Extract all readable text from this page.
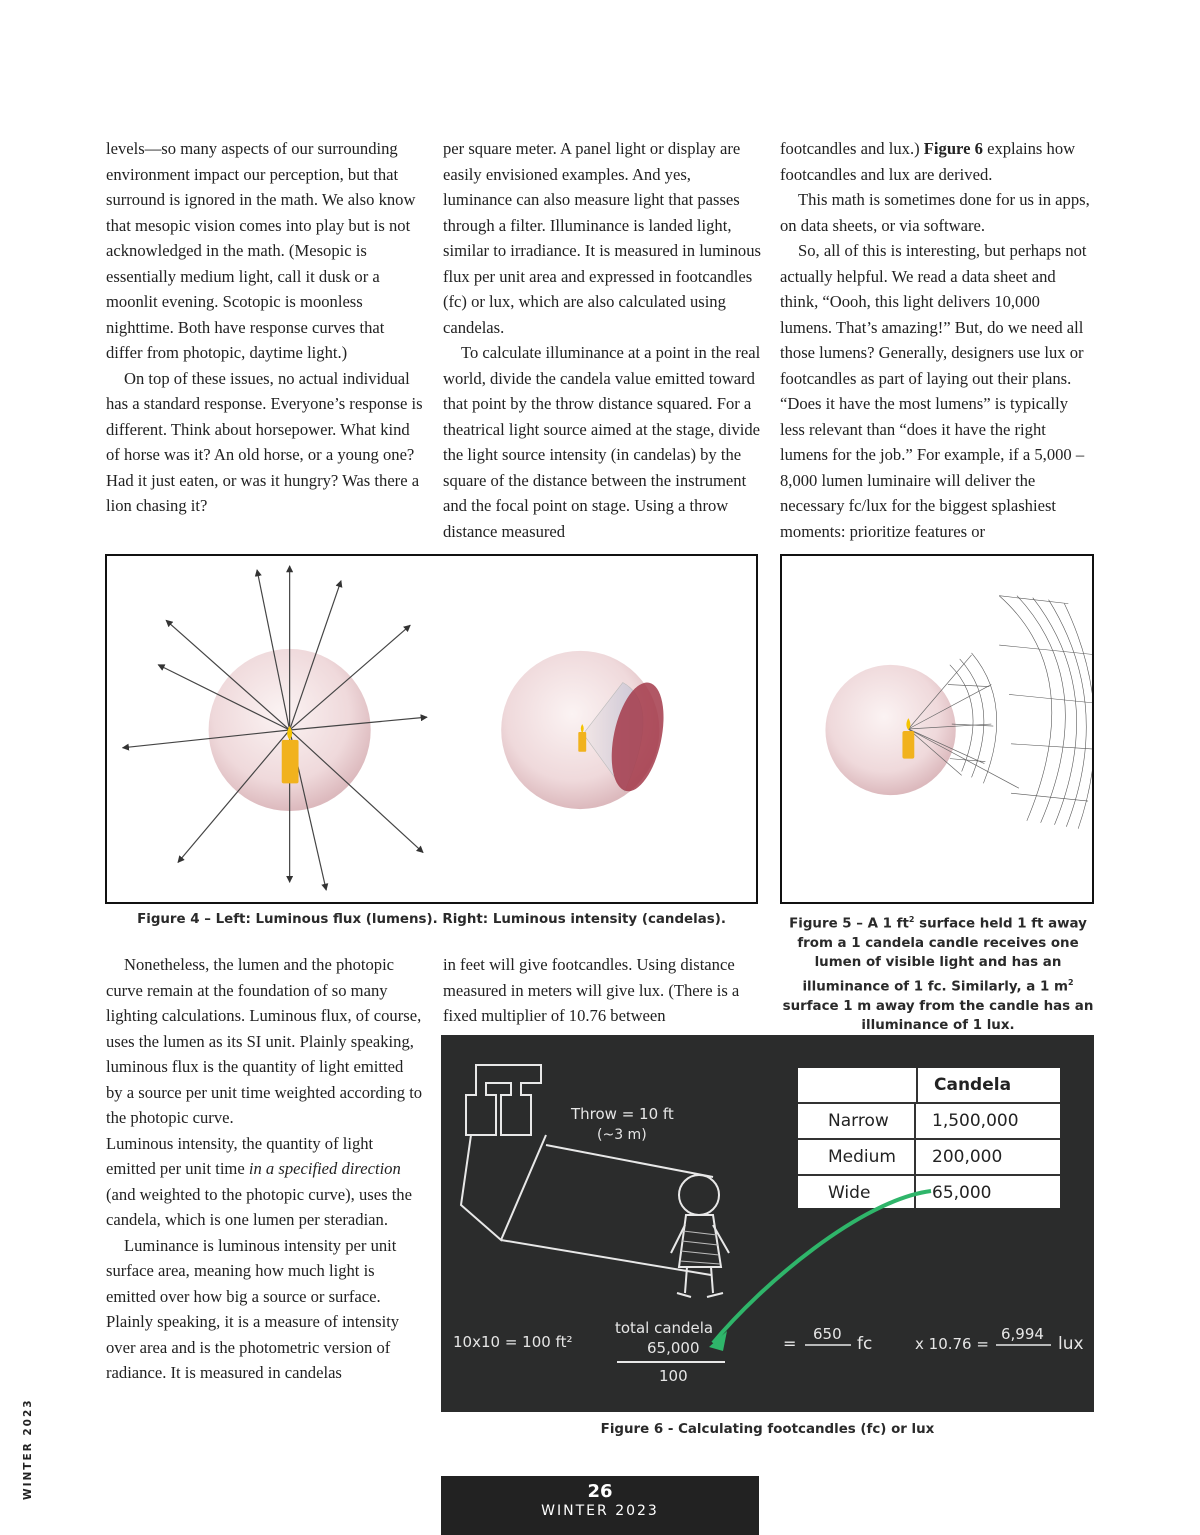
levels—so many aspects of our surrounding environment impact our perception, but that surround is ignored in the math. We also know that mesopic vision comes into play but is not acknowledged in the math. (Mesopic is essentially medium light, call it dusk or a moonlit evening. Scotopic is moonless nighttime. Both have response curves that differ from photopic, daytime light.)

On top of these issues, no actual individual has a standard response. Everyone’s response is different. Think about horsepower. What kind of horse was it? An old horse, or a young one? Had it just eaten, or was it hungry? Was there a lion chasing it?

per square meter. A panel light or display are easily envisioned examples. And yes, luminance can also measure light that passes through a filter. Illuminance is landed light, similar to irradiance. It is measured in luminous flux per unit area and expressed in footcandles (fc) or lux, which are also calculated using candelas.

To calculate illuminance at a point in the real world, divide the candela value emitted toward that point by the throw distance squared. For a theatrical light source aimed at the stage, divide the light source intensity (in candelas) by the square of the distance between the instrument and the focal point on stage. Using a throw distance measured

footcandles and lux.) Figure 6 explains how footcandles and lux are derived.

This math is sometimes done for us in apps, on data sheets, or via software.

So, all of this is interesting, but perhaps not actually helpful. We read a data sheet and think, “Oooh, this light delivers 10,000 lumens. That’s amazing!” But, do we need all those lumens? Generally, designers use lux or footcandles as part of laying out their plans. “Does it have the most lumens” is typically less relevant than “does it have the right lumens for the job.” For example, if a 5,000 – 8,000 lumen luminaire will deliver the necessary fc/lux for the biggest splashiest moments: prioritize features or

Figure 4 – Left: Luminous flux (lumens). Right: Luminous intensity (candelas).	Figure 5 – A 1 $ft^2$ surface held 1 ft away from a 1 candela candle receives one lumen of visible light and has an illuminance of 1 fc. Similarly, a 1 $m^2$ surface 1 m away from the candle has an illuminance of 1 lux.

Nonetheless, the lumen and the photopic curve remain at the foundation of so many lighting calculations. Luminous flux, of course, uses the lumen as its SI unit. Plainly speaking, luminous flux is the quantity of light emitted by a source per unit time weighted according to the photopic curve.

Luminous intensity, the quantity of light emitted per unit time in a specified direction (and weighted to the photopic curve), uses the candela, which is one lumen per steradian.

Luminance is luminous intensity per unit surface area, meaning how much light is emitted over how big a source or surface. Plainly speaking, it is a measure of intensity over area and is the photometric version of radiance. It is measured in candelas

in feet will give footcandles. Using distance measured in meters will give lux. (There is a fixed multiplier of 10.76 between

Throw = 10 ft
(~3 m)
Candela
Narrow	1,500,000
Medium	200,000
Wide	65,000
10x10 = 100 ft²
total candela
65,000
100
= 650 fc	x 10.76 =
6,994 lux
Figure 6 - Calculating footcandles (fc) or lux
WINTER 2023	26
WINTER 2023
